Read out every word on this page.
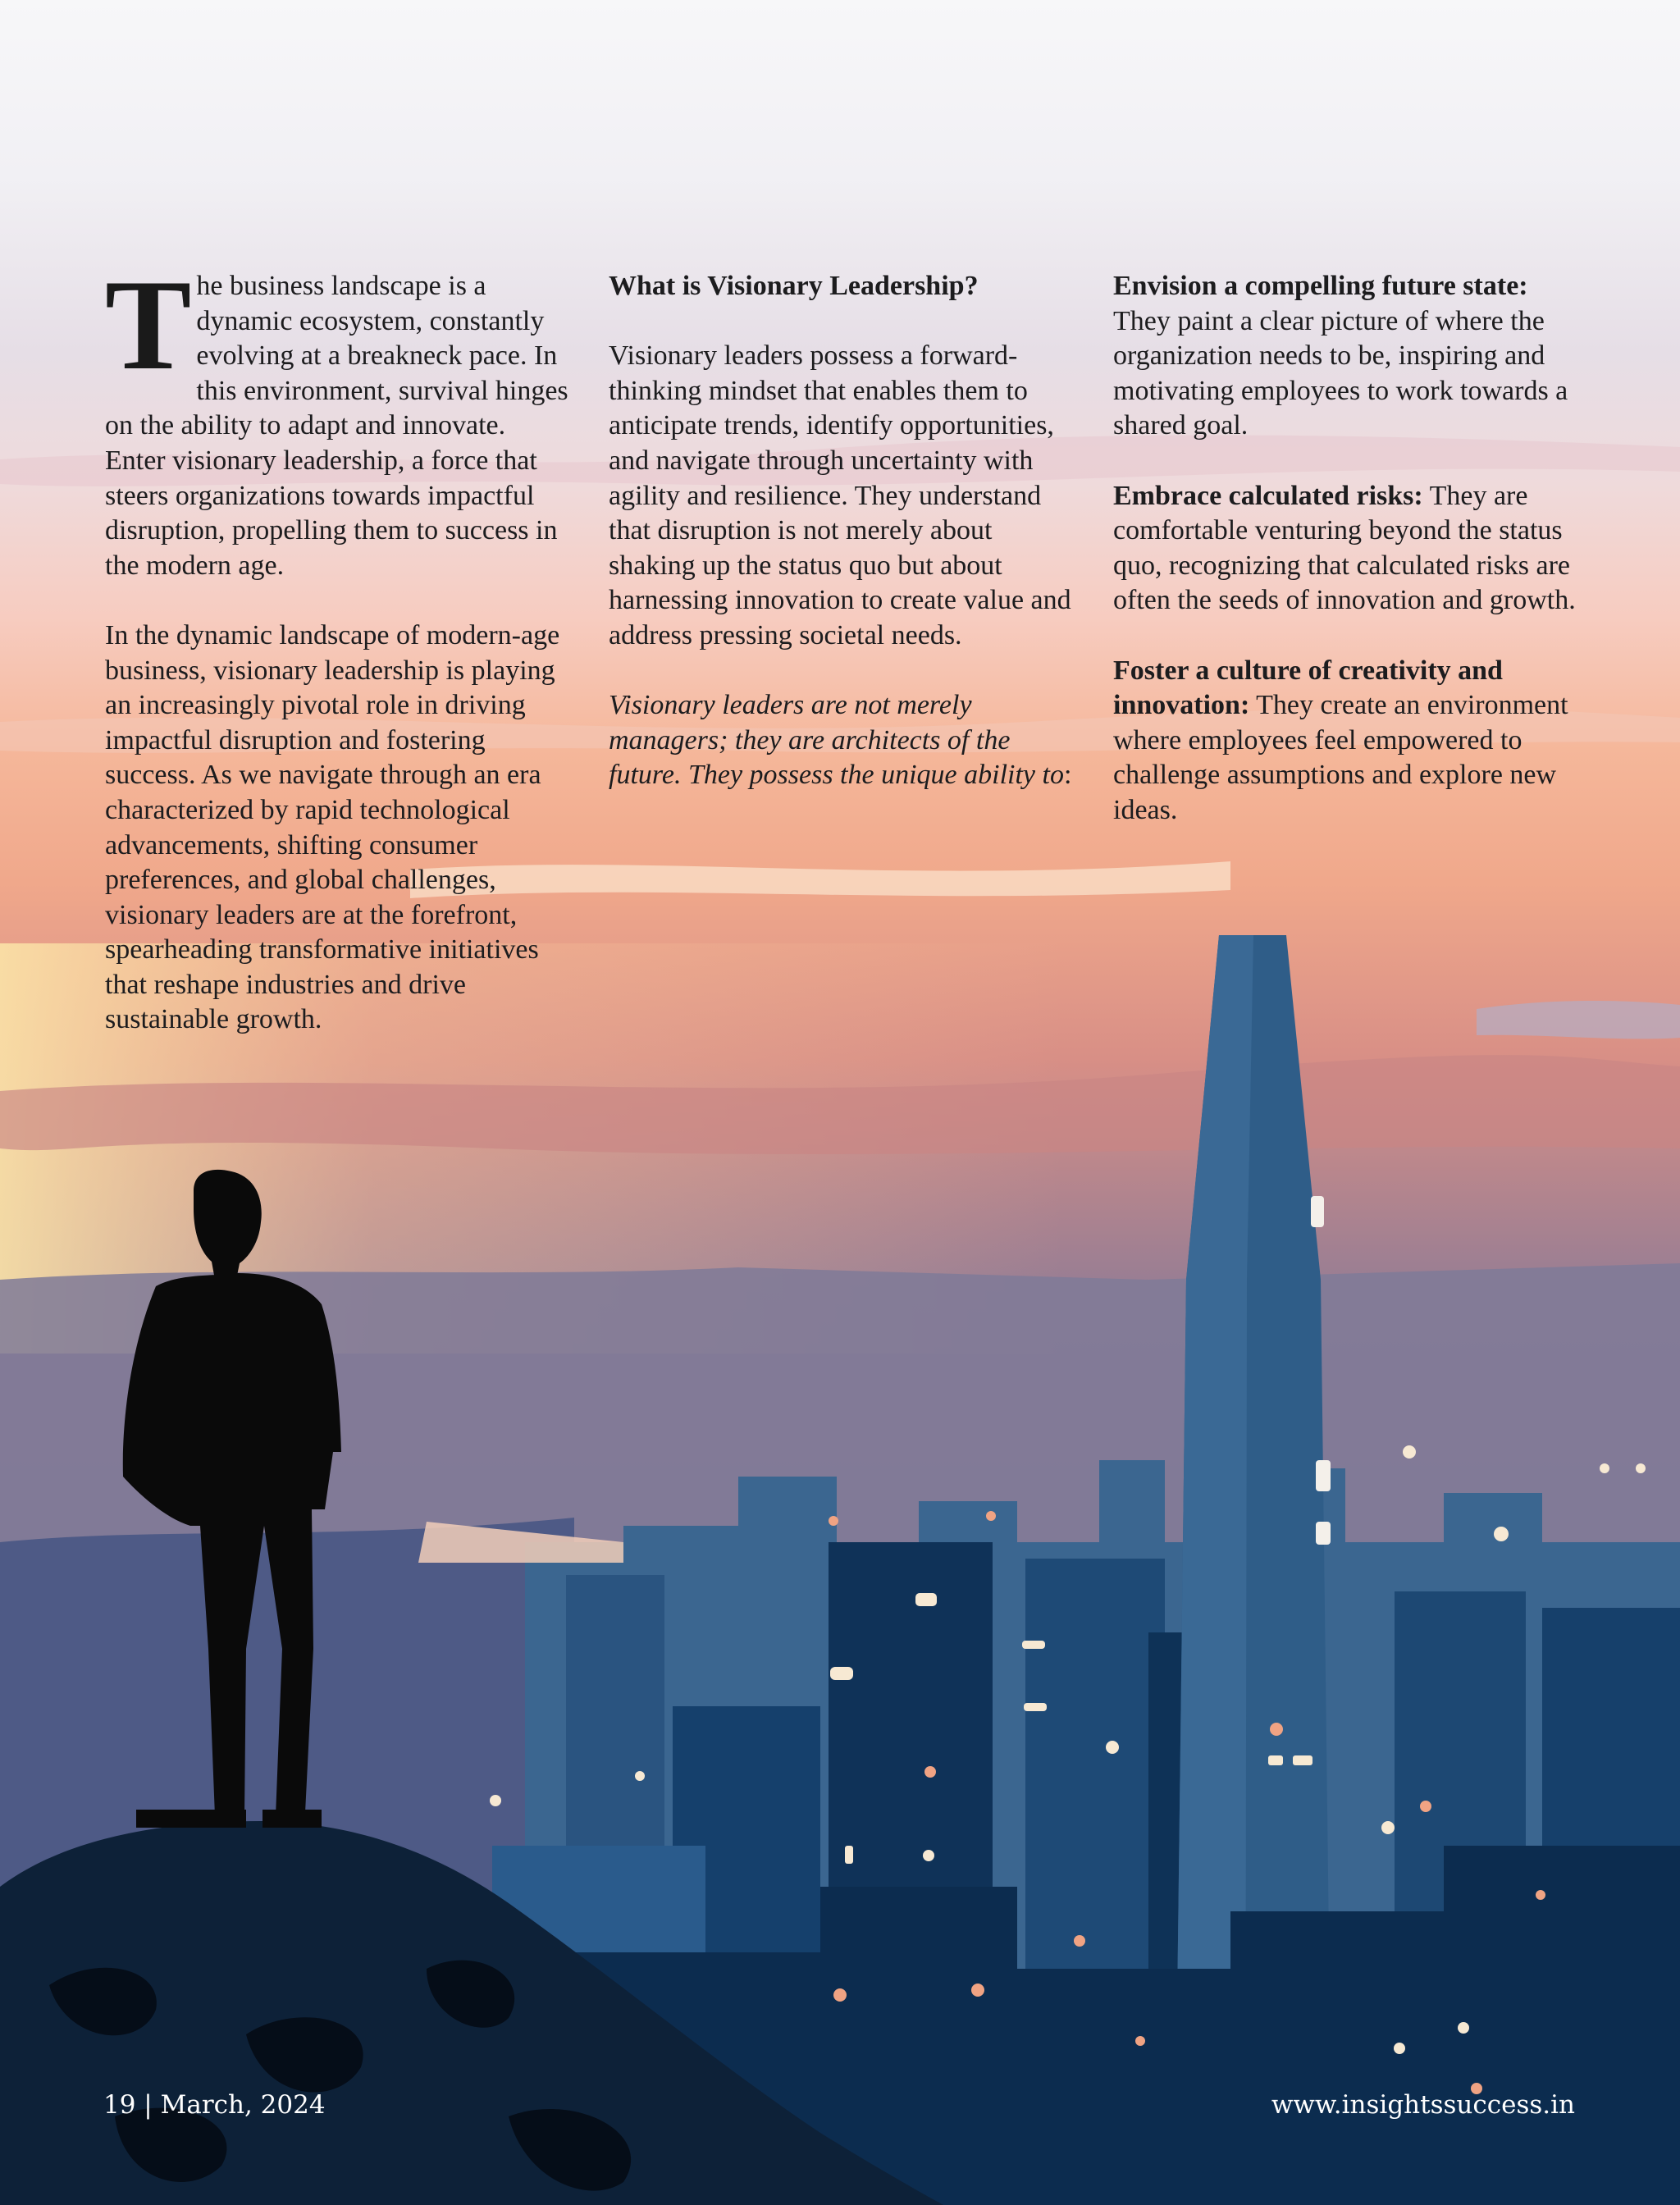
The business landscape is a dynamic ecosystem, constantly evolving at a breakneck pace. In this environment, survival hinges on the ability to adapt and innovate. Enter visionary leadership, a force that steers organizations towards impactful disruption, propelling them to success in the modern age.

In the dynamic landscape of modern-age business, visionary leadership is playing an increasingly pivotal role in driving impactful disruption and fostering success. As we navigate through an era characterized by rapid technological advancements, shifting consumer preferences, and global challenges, visionary leaders are at the forefront, spearheading transformative initiatives that reshape industries and drive sustainable growth.

What is Visionary Leadership?

Visionary leaders possess a forward-thinking mindset that enables them to anticipate trends, identify opportunities, and navigate through uncertainty with agility and resilience. They understand that disruption is not merely about shaking up the status quo but about harnessing innovation to create value and address pressing societal needs.

Visionary leaders are not merely managers; they are architects of the future. They possess the unique ability to:

Envision a compelling future state: They paint a clear picture of where the organization needs to be, inspiring and motivating employees to work towards a shared goal.

Embrace calculated risks: They are comfortable venturing beyond the status quo, recognizing that calculated risks are often the seeds of innovation and growth.

Foster a culture of creativity and innovation: They create an environment where employees feel empowered to challenge assumptions and explore new ideas.

19 | March, 2024	www.insightssuccess.in
